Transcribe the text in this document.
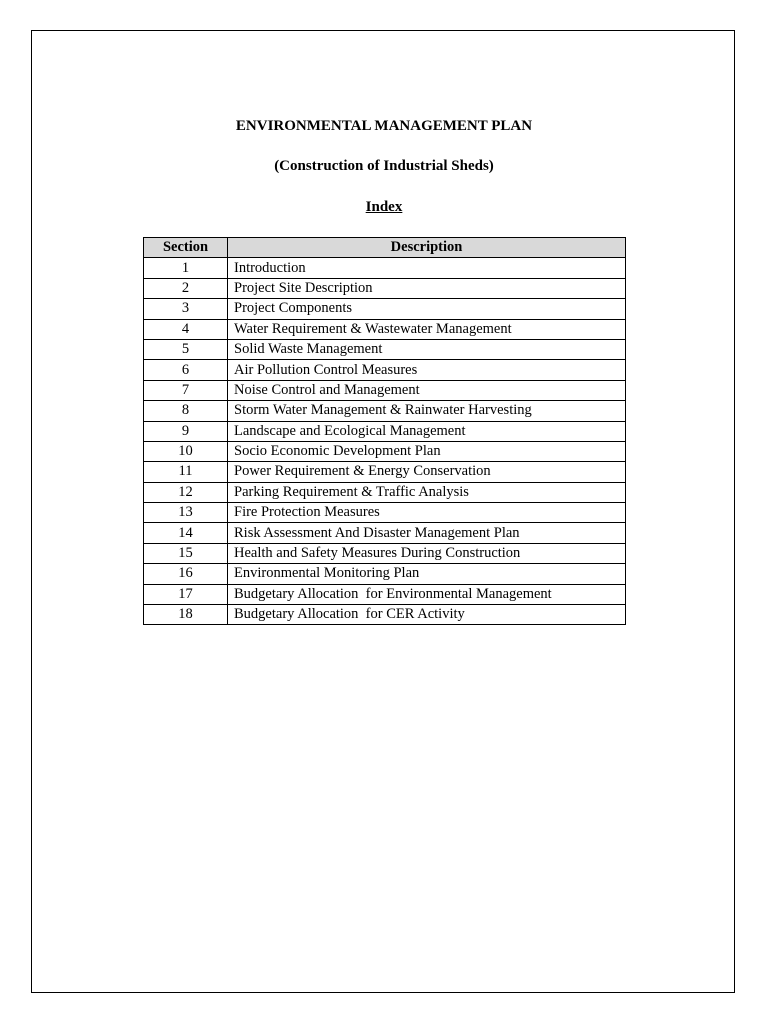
ENVIRONMENTAL MANAGEMENT PLAN
(Construction of Industrial Sheds)
Index
Section	Description
1	Introduction
2	Project Site Description
3	Project Components
4	Water Requirement & Wastewater Management
5	Solid Waste Management
6	Air Pollution Control Measures
7	Noise Control and Management
8	Storm Water Management & Rainwater Harvesting
9	Landscape and Ecological Management
10	Socio Economic Development Plan
11	Power Requirement & Energy Conservation
12	Parking Requirement & Traffic Analysis
13	Fire Protection Measures
14	Risk Assessment And Disaster Management Plan
15	Health and Safety Measures During Construction
16	Environmental Monitoring Plan
17	Budgetary Allocation  for Environmental Management
18	Budgetary Allocation  for CER Activity
